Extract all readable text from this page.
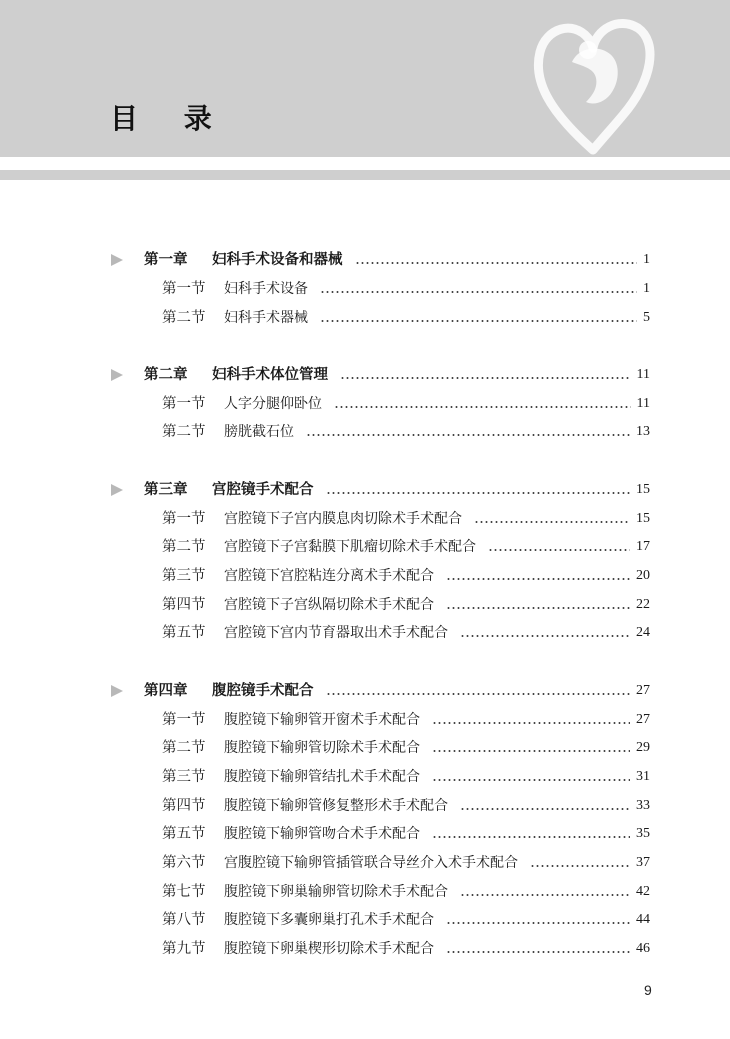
目 录
第一章 妇科手术设备和器械	1
第一节 妇科手术设备	1
第二节 妇科手术器械	5
第二章 妇科手术体位管理	11
第一节 人字分腿仰卧位	11
第二节 膀胱截石位	13
第三章 宫腔镜手术配合	15
第一节 宫腔镜下子宫内膜息肉切除术手术配合	15
第二节 宫腔镜下子宫黏膜下肌瘤切除术手术配合	17
第三节 宫腔镜下宫腔粘连分离术手术配合	20
第四节 宫腔镜下子宫纵隔切除术手术配合	22
第五节 宫腔镜下宫内节育器取出术手术配合	24
第四章 腹腔镜手术配合	27
第一节 腹腔镜下输卵管开窗术手术配合	27
第二节 腹腔镜下输卵管切除术手术配合	29
第三节 腹腔镜下输卵管结扎术手术配合	31
第四节 腹腔镜下输卵管修复整形术手术配合	33
第五节 腹腔镜下输卵管吻合术手术配合	35
第六节 宫腹腔镜下输卵管插管联合导丝介入术手术配合	37
第七节 腹腔镜下卵巢输卵管切除术手术配合	42
第八节 腹腔镜下多囊卵巢打孔术手术配合	44
第九节 腹腔镜下卵巢楔形切除术手术配合	46
9
